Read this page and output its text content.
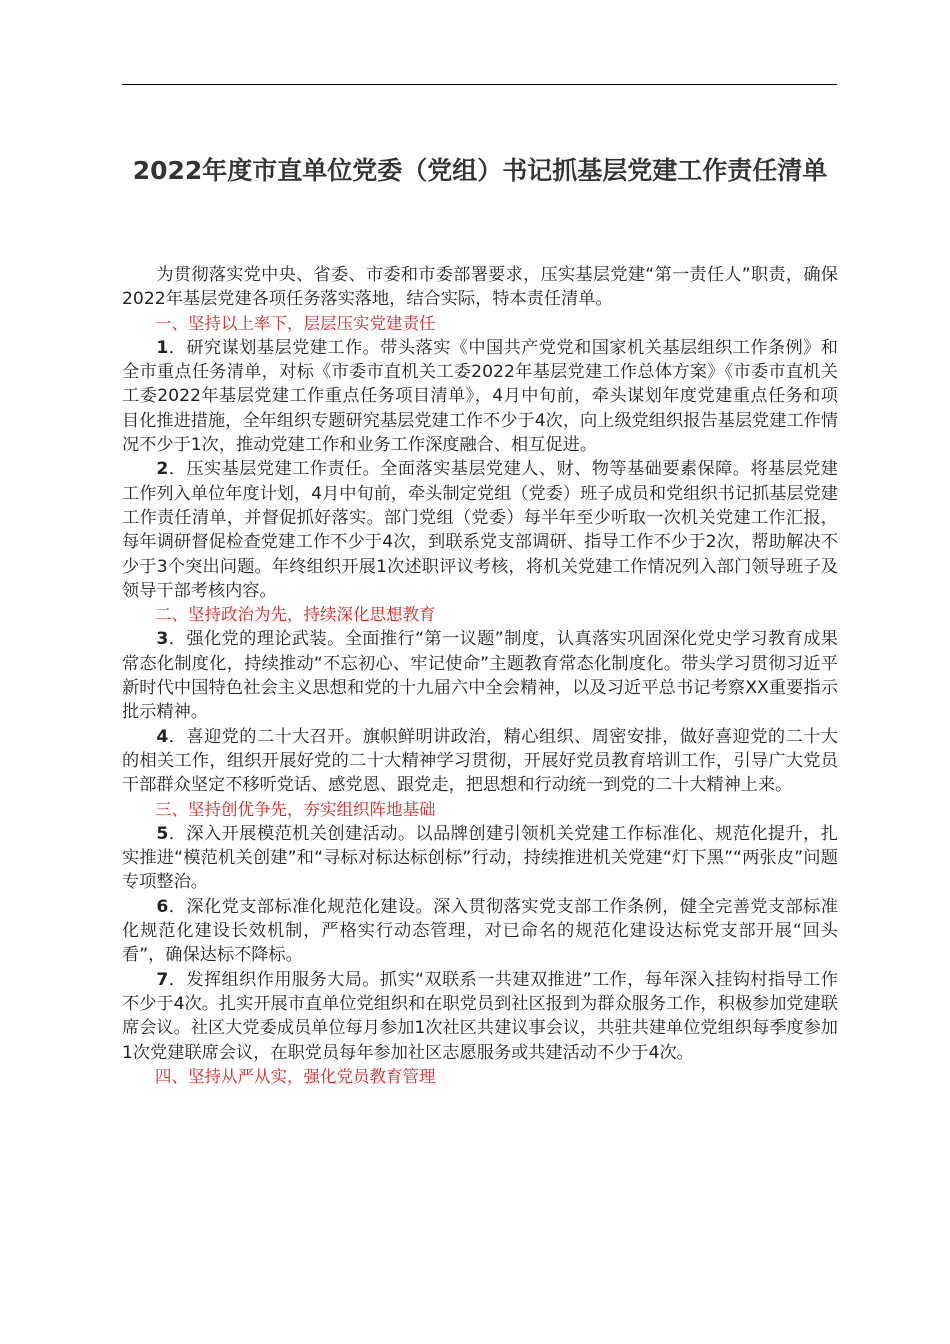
2022年度市直单位党委（党组）书记抓基层党建工作责任清单

为贯彻落实党中央、省委、市委和市委部署要求，压实基层党建“第一责任人”职责，确保2022年基层党建各项任务落实落地，结合实际，特本责任清单。

一、坚持以上率下，层层压实党建责任

1．研究谋划基层党建工作。带头落实《中国共产党党和国家机关基层组织工作条例》和全市重点任务清单，对标《市委市直机关工委2022年基层党建工作总体方案》《市委市直机关工委2022年基层党建工作重点任务项目清单》，4月中旬前，牵头谋划年度党建重点任务和项目化推进措施，全年组织专题研究基层党建工作不少于4次，向上级党组织报告基层党建工作情况不少于1次，推动党建工作和业务工作深度融合、相互促进。

2．压实基层党建工作责任。全面落实基层党建人、财、物等基础要素保障。将基层党建工作列入单位年度计划，4月中旬前，牵头制定党组（党委）班子成员和党组织书记抓基层党建工作责任清单，并督促抓好落实。部门党组（党委）每半年至少听取一次机关党建工作汇报，每年调研督促检查党建工作不少于4次，到联系党支部调研、指导工作不少于2次，帮助解决不少于3个突出问题。年终组织开展1次述职评议考核，将机关党建工作情况列入部门领导班子及领导干部考核内容。

二、坚持政治为先，持续深化思想教育

3．强化党的理论武装。全面推行“第一议题”制度，认真落实巩固深化党史学习教育成果常态化制度化，持续推动“不忘初心、牢记使命”主题教育常态化制度化。带头学习贯彻习近平新时代中国特色社会主义思想和党的十九届六中全会精神，以及习近平总书记考察XX重要指示批示精神。

4．喜迎党的二十大召开。旗帜鲜明讲政治，精心组织、周密安排，做好喜迎党的二十大的相关工作，组织开展好党的二十大精神学习贯彻，开展好党员教育培训工作，引导广大党员干部群众坚定不移听党话、感党恩、跟党走，把思想和行动统一到党的二十大精神上来。

三、坚持创优争先，夯实组织阵地基础

5．深入开展模范机关创建活动。以品牌创建引领机关党建工作标准化、规范化提升，扎实推进“模范机关创建”和“寻标对标达标创标”行动，持续推进机关党建“灯下黑”“两张皮”问题专项整治。

6．深化党支部标准化规范化建设。深入贯彻落实党支部工作条例，健全完善党支部标准化规范化建设长效机制，严格实行动态管理，对已命名的规范化建设达标党支部开展“回头看”，确保达标不降标。

7．发挥组织作用服务大局。抓实“双联系一共建双推进”工作，每年深入挂钩村指导工作不少于4次。扎实开展市直单位党组织和在职党员到社区报到为群众服务工作，积极参加党建联席会议。社区大党委成员单位每月参加1次社区共建议事会议，共驻共建单位党组织每季度参加1次党建联席会议，在职党员每年参加社区志愿服务或共建活动不少于4次。

四、坚持从严从实，强化党员教育管理
